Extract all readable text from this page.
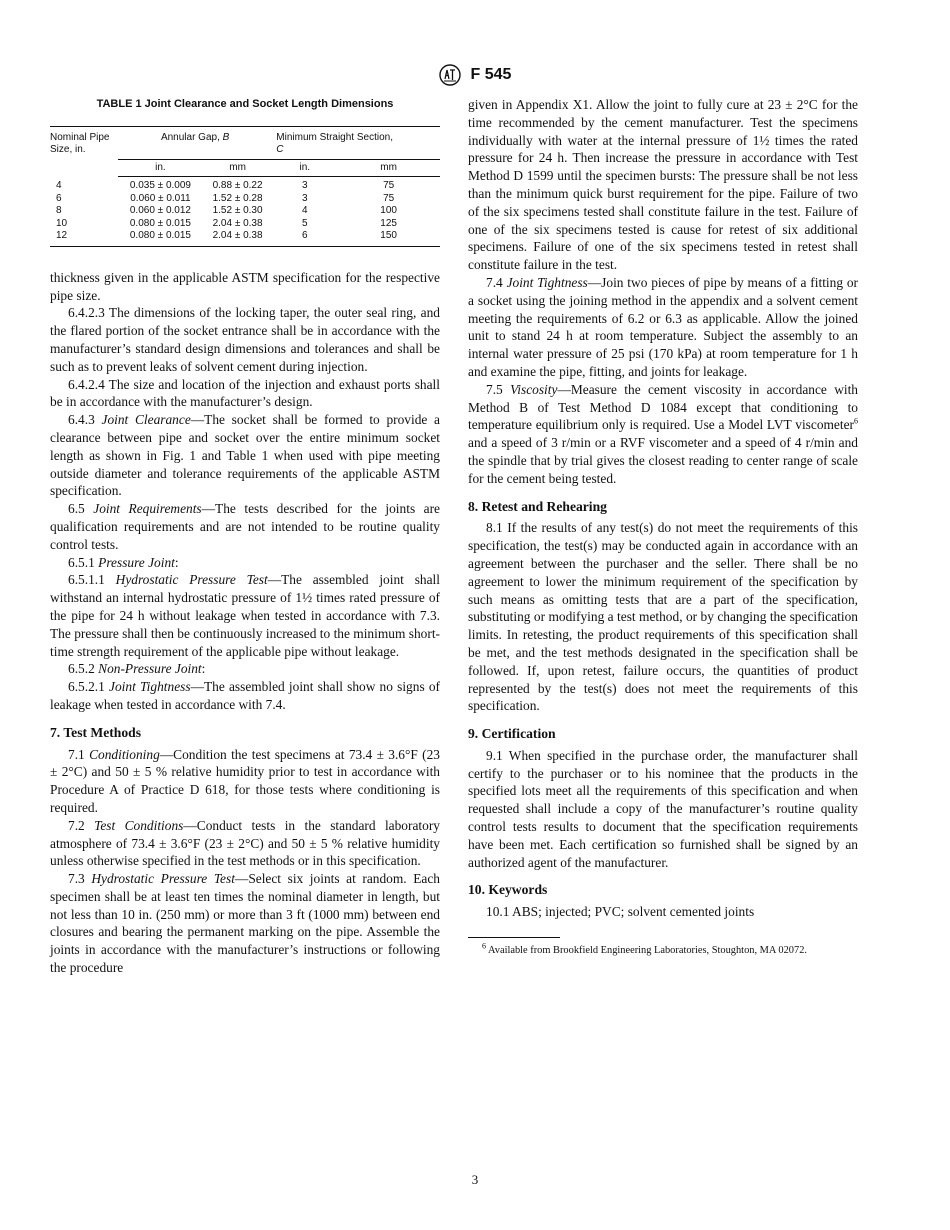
F 545
TABLE 1 Joint Clearance and Socket Length Dimensions
Nominal Pipe Size, in.	Annular Gap, B		Minimum Straight Section,
C	
	in.	mm	in.	mm
4	0.035 ± 0.009	0.88 ± 0.22	3	75
6	0.060 ± 0.011	1.52 ± 0.28	3	75
8	0.060 ± 0.012	1.52 ± 0.30	4	100
10	0.080 ± 0.015	2.04 ± 0.38	5	125
12	0.080 ± 0.015	2.04 ± 0.38	6	150

thickness given in the applicable ASTM specification for the respective pipe size.

6.4.2.3 The dimensions of the locking taper, the outer seal ring, and the flared portion of the socket entrance shall be in accordance with the manufacturer’s standard design dimensions and tolerances and shall be such as to prevent leaks of solvent cement during injection.

6.4.2.4 The size and location of the injection and exhaust ports shall be in accordance with the manufacturer’s design.

6.4.3 Joint Clearance—The socket shall be formed to provide a clearance between pipe and socket over the entire minimum socket length as shown in Fig. 1 and Table 1 when used with pipe meeting outside diameter and tolerance requirements of the applicable ASTM specification.

6.5 Joint Requirements—The tests described for the joints are qualification requirements and are not intended to be routine quality control tests.

6.5.1 Pressure Joint:

6.5.1.1 Hydrostatic Pressure Test—The assembled joint shall withstand an internal hydrostatic pressure of 1½ times rated pressure of the pipe for 24 h without leakage when tested in accordance with 7.3. The pressure shall then be continuously increased to the minimum short-time strength requirement of the applicable pipe without leakage.

6.5.2 Non-Pressure Joint:

6.5.2.1 Joint Tightness—The assembled joint shall show no signs of leakage when tested in accordance with 7.4.

7. Test Methods

7.1 Conditioning—Condition the test specimens at 73.4 ± 3.6°F (23 ± 2°C) and 50 ± 5 % relative humidity prior to test in accordance with Procedure A of Practice D 618, for those tests where conditioning is required.

7.2 Test Conditions—Conduct tests in the standard laboratory atmosphere of 73.4 ± 3.6°F (23 ± 2°C) and 50 ± 5 % relative humidity unless otherwise specified in the test methods or in this specification.

7.3 Hydrostatic Pressure Test—Select six joints at random. Each specimen shall be at least ten times the nominal diameter in length, but not less than 10 in. (250 mm) or more than 3 ft (1000 mm) between end closures and bearing the permanent marking on the pipe. Assemble the joints in accordance with the manufacturer’s instructions or following the procedure

given in Appendix X1. Allow the joint to fully cure at 23 ± 2°C for the time recommended by the cement manufacturer. Test the specimens individually with water at the internal pressure of 1½ times the rated pressure for 24 h. Then increase the pressure in accordance with Test Method D 1599 until the specimen bursts: The pressure shall be not less than the minimum quick burst requirement for the pipe. Failure of two of the six specimens tested shall constitute failure in the test. Failure of one of the six specimens tested is cause for retest of six additional specimens. Failure of one of the six specimens tested in retest shall constitute failure in the test.

7.4 Joint Tightness—Join two pieces of pipe by means of a fitting or a socket using the joining method in the appendix and a solvent cement meeting the requirements of 6.2 or 6.3 as applicable. Allow the joined unit to stand 24 h at room temperature. Subject the assembly to an internal water pressure of 25 psi (170 kPa) at room temperature for 1 h and examine the pipe, fitting, and joints for leakage.

7.5 Viscosity—Measure the cement viscosity in accordance with Method B of Test Method D 1084 except that conditioning to temperature equilibrium only is required. Use a Model LVT viscometer$^6$ and a speed of 3 r/min or a RVF viscometer and a speed of 4 r/min and the spindle that by trial gives the closest reading to center range of scale for the cement being tested.

8. Retest and Rehearing

8.1 If the results of any test(s) do not meet the requirements of this specification, the test(s) may be conducted again in accordance with an agreement between the purchaser and the seller. There shall be no agreement to lower the minimum requirement of the specification by such means as omitting tests that are a part of the specification, substituting or modifying a test method, or by changing the specification limits. In retesting, the product requirements of this specification shall be met, and the test methods designated in the specification shall be followed. If, upon retest, failure occurs, the quantities of product represented by the test(s) does not meet the requirements of this specification.

9. Certification

9.1 When specified in the purchase order, the manufacturer shall certify to the purchaser or to his nominee that the products in the specified lots meet all the requirements of this specification and when requested shall include a copy of the manufacturer’s routine quality control tests results to document that the specification requirements have been met. Each certification so furnished shall be signed by an authorized agent of the manufacturer.

10. Keywords

10.1 ABS; injected; PVC; solvent cemented joints

$^6$ Available from Brookfield Engineering Laboratories, Stoughton, MA 02072.
3
